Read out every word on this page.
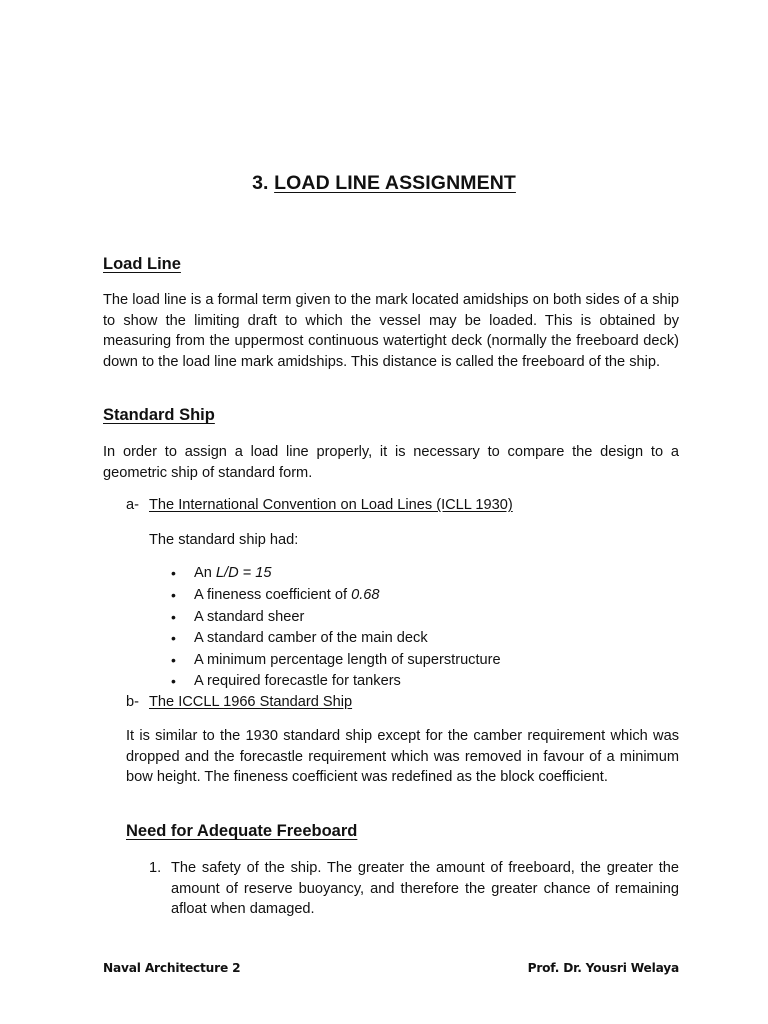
3. LOAD LINE ASSIGNMENT
Load Line
The load line is a formal term given to the mark located amidships on both sides of a ship to show the limiting draft to which the vessel may be loaded. This is obtained by measuring from the uppermost continuous watertight deck (normally the freeboard deck) down to the load line mark amidships. This distance is called the freeboard of the ship.
Standard Ship
In order to assign a load line properly, it is necessary to compare the design to a geometric ship of standard form.
a- The International Convention on Load Lines (ICLL 1930)
The standard ship had:
• An L/D = 15
• A fineness coefficient of 0.68
• A standard sheer
• A standard camber of the main deck
• A minimum percentage length of superstructure
• A required forecastle for tankers
b- The ICCLL 1966 Standard Ship
It is similar to the 1930 standard ship except for the camber requirement which was dropped and the forecastle requirement which was removed in favour of a minimum bow height. The fineness coefficient was redefined as the block coefficient.
Need for Adequate Freeboard
1. The safety of the ship. The greater the amount of freeboard, the greater the amount of reserve buoyancy, and therefore the greater chance of remaining afloat when damaged.
Naval Architecture 2	Prof. Dr. Yousri Welaya
